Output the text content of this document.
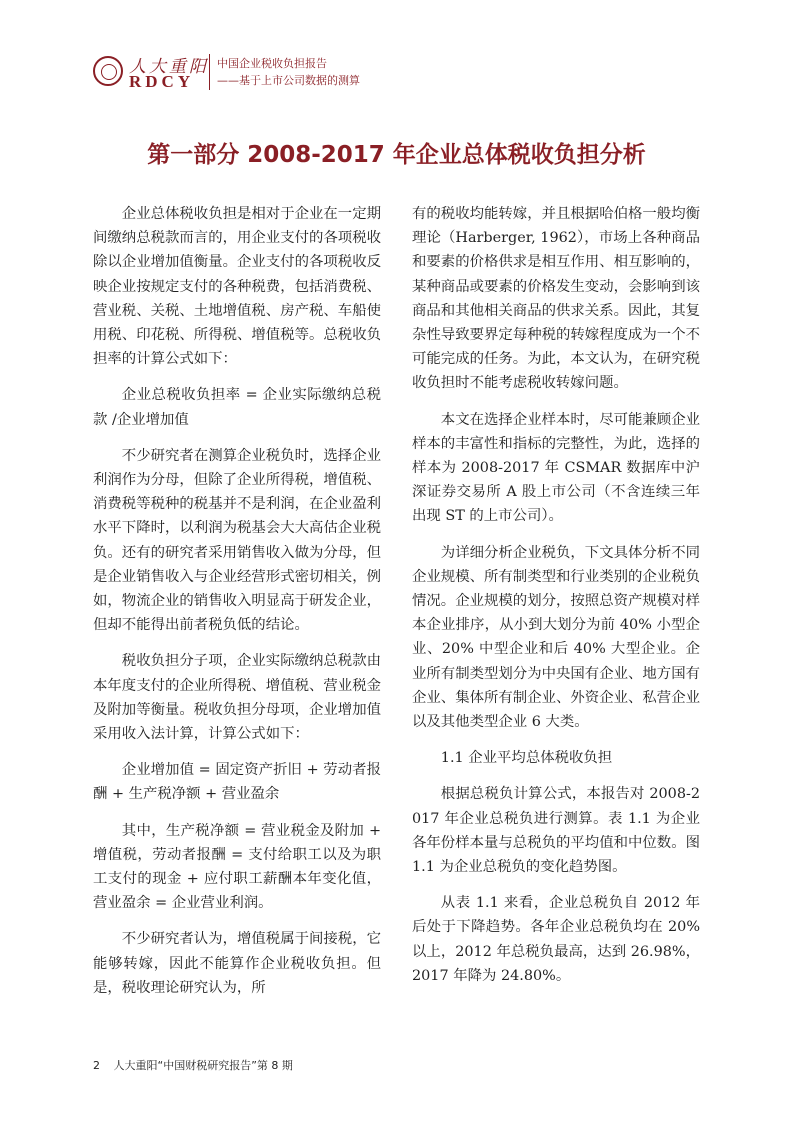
人大重阳
RDCY
中国企业税收负担报告
——基于上市公司数据的测算
第一部分 2008-2017 年企业总体税收负担分析

企业总体税收负担是相对于企业在一定期间缴纳总税款而言的，用企业支付的各项税收除以企业增加值衡量。企业支付的各项税收反映企业按规定支付的各种税费，包括消费税、营业税、关税、土地增值税、房产税、车船使用税、印花税、所得税、增值税等。总税收负担率的计算公式如下：

企业总税收负担率 = 企业实际缴纳总税款 /企业增加值

不少研究者在测算企业税负时，选择企业利润作为分母，但除了企业所得税，增值税、消费税等税种的税基并不是利润，在企业盈利水平下降时，以利润为税基会大大高估企业税负。还有的研究者采用销售收入做为分母，但是企业销售收入与企业经营形式密切相关，例如，物流企业的销售收入明显高于研发企业，但却不能得出前者税负低的结论。

税收负担分子项，企业实际缴纳总税款由本年度支付的企业所得税、增值税、营业税金及附加等衡量。税收负担分母项，企业增加值采用收入法计算，计算公式如下：

企业增加值 = 固定资产折旧 + 劳动者报酬 + 生产税净额 + 营业盈余

其中，生产税净额 = 营业税金及附加 + 增值税，劳动者报酬 = 支付给职工以及为职工支付的现金 + 应付职工薪酬本年变化值，营业盈余 = 企业营业利润。

不少研究者认为，增值税属于间接税，它能够转嫁，因此不能算作企业税收负担。但是，税收理论研究认为，所

有的税收均能转嫁，并且根据哈伯格一般均衡理论（Harberger, 1962），市场上各种商品和要素的价格供求是相互作用、相互影响的，某种商品或要素的价格发生变动，会影响到该商品和其他相关商品的供求关系。因此，其复杂性导致要界定每种税的转嫁程度成为一个不可能完成的任务。为此，本文认为，在研究税收负担时不能考虑税收转嫁问题。

本文在选择企业样本时，尽可能兼顾企业样本的丰富性和指标的完整性，为此，选择的样本为 2008-2017 年 CSMAR 数据库中沪深证券交易所 A 股上市公司（不含连续三年出现 ST 的上市公司）。

为详细分析企业税负，下文具体分析不同企业规模、所有制类型和行业类别的企业税负情况。企业规模的划分，按照总资产规模对样本企业排序，从小到大划分为前 40% 小型企业、20% 中型企业和后 40% 大型企业。企业所有制类型划分为中央国有企业、地方国有企业、集体所有制企业、外资企业、私营企业以及其他类型企业 6 大类。

1.1 企业平均总体税收负担

根据总税负计算公式，本报告对 2008-2017 年企业总税负进行测算。表 1.1 为企业各年份样本量与总税负的平均值和中位数。图 1.1 为企业总税负的变化趋势图。

从表 1.1 来看，企业总税负自 2012 年后处于下降趋势。各年企业总税负均在 20% 以上，2012 年总税负最高，达到 26.98%，2017 年降为 24.80%。

2 人大重阳“中国财税研究报告”第 8 期
